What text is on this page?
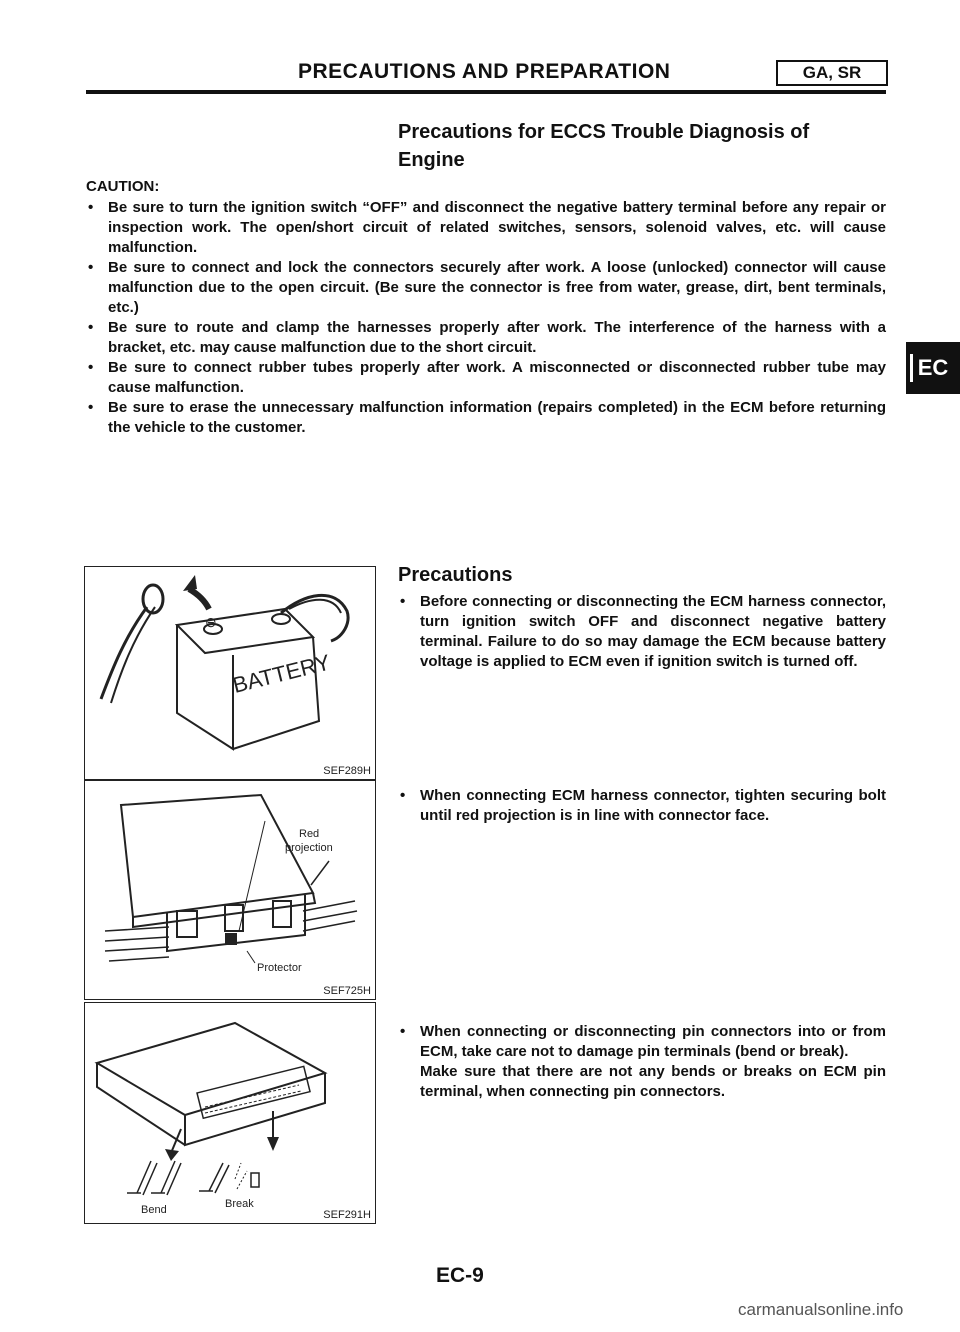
PRECAUTIONS AND PREPARATION	GA, SR
Precautions for ECCS Trouble Diagnosis of Engine
CAUTION:
• Be sure to turn the ignition switch “OFF” and disconnect the negative battery terminal before any repair or inspection work. The open/short circuit of related switches, sensors, solenoid valves, etc. will cause malfunction.
• Be sure to connect and lock the connectors securely after work. A loose (unlocked) connector will cause malfunction due to the open circuit. (Be sure the connector is free from water, grease, dirt, bent terminals, etc.)
• Be sure to route and clamp the harnesses properly after work. The interference of the harness with a bracket, etc. may cause malfunction due to the short circuit.
• Be sure to connect rubber tubes properly after work. A misconnected or disconnected rubber tube may cause malfunction.
• Be sure to erase the unnecessary malfunction information (repairs completed) in the ECM before returning the vehicle to the customer.
EC
BATTERY
⊖
SEF289H
Red
projection
Protector
SEF725H
Bend	Break
SEF291H
Precautions
• Before connecting or disconnecting the ECM harness connector, turn ignition switch OFF and disconnect negative battery terminal. Failure to do so may damage the ECM because battery voltage is applied to ECM even if ignition switch is turned off.
• When connecting ECM harness connector, tighten securing bolt until red projection is in line with connector face.
• When connecting or disconnecting pin connectors into or from ECM, take care not to damage pin terminals (bend or break).
Make sure that there are not any bends or breaks on ECM pin terminal, when connecting pin connectors.
EC-9
carmanualsonline.info
